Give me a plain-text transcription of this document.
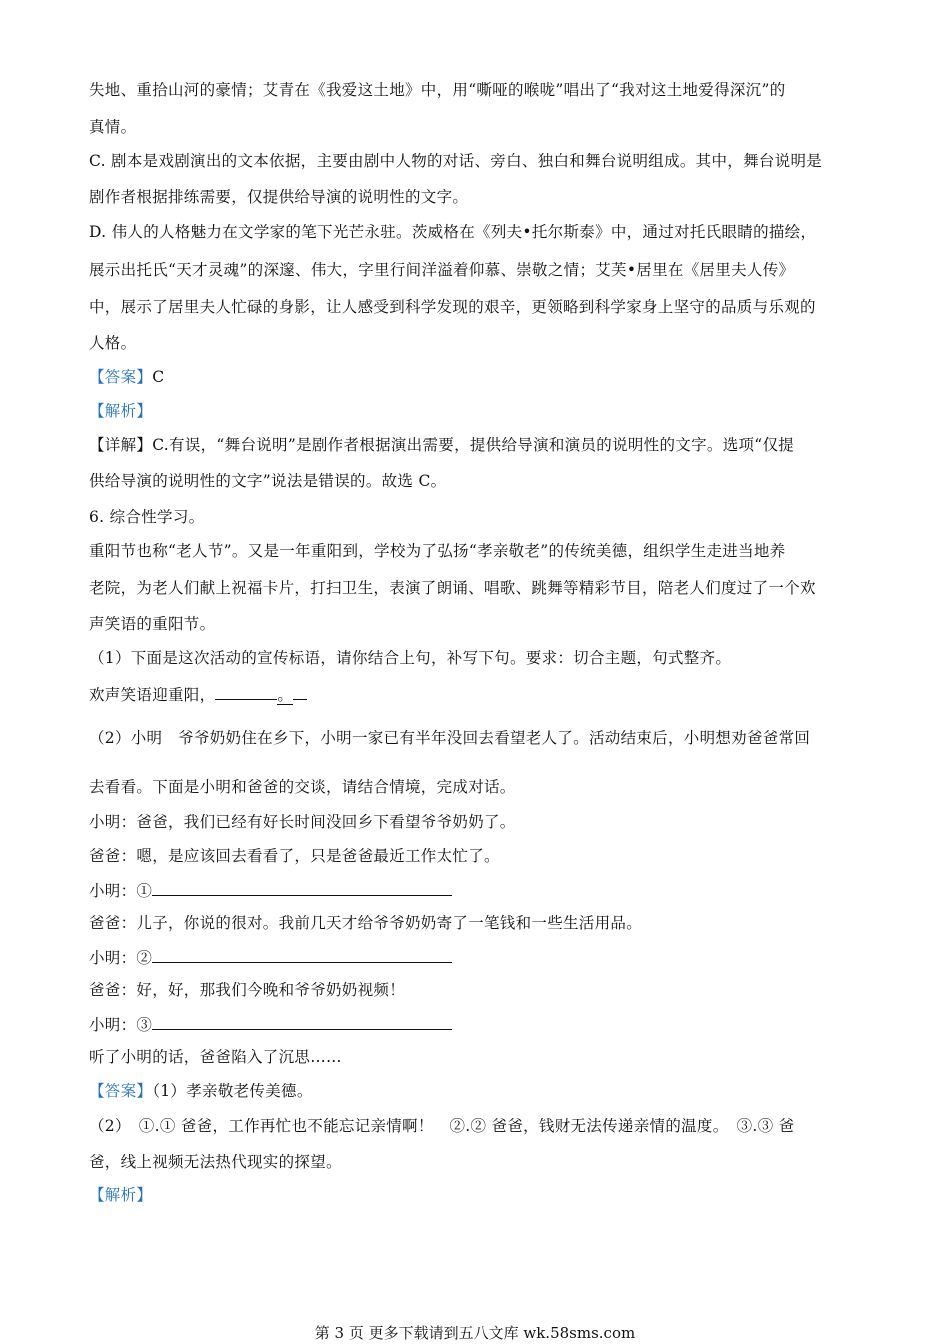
失地、重拾山河的豪情；艾青在《我爱这土地》中，用“嘶哑的喉咙”唱出了“我对这土地爱得深沉”的
真情。
C. 剧本是戏剧演出的文本依据，主要由剧中人物的对话、旁白、独白和舞台说明组成。其中，舞台说明是
剧作者根据排练需要，仅提供给导演的说明性的文字。
D. 伟人的人格魅力在文学家的笔下光芒永驻。茨威格在《列夫•托尔斯泰》中，通过对托氏眼睛的描绘，
展示出托氏“天才灵魂”的深邃、伟大，字里行间洋溢着仰慕、崇敬之情；艾芙•居里在《居里夫人传》
中，展示了居里夫人忙碌的身影，让人感受到科学发现的艰辛，更领略到科学家身上坚守的品质与乐观的
人格。
【答案】C
【解析】
【详解】C.有误，“舞台说明”是剧作者根据演出需要，提供给导演和演员的说明性的文字。选项“仅提
供给导演的说明性的文字”说法是错误的。故选 C。
6. 综合性学习。
重阳节也称“老人节”。又是一年重阳到，学校为了弘扬“孝亲敬老”的传统美德，组织学生走进当地养
老院，为老人们献上祝福卡片，打扫卫生，表演了朗诵、唱歌、跳舞等精彩节目，陪老人们度过了一个欢
声笑语的重阳节。
（1）下面是这次活动的宣传标语，请你结合上句，补写下句。要求：切合主题，句式整齐。
欢声笑语迎重阳，	。
（2）小明　爷爷奶奶住在乡下，小明一家已有半年没回去看望老人了。活动结束后，小明想劝爸爸常回
去看看。下面是小明和爸爸的交谈，请结合情境，完成对话。
小明：爸爸，我们已经有好长时间没回乡下看望爷爷奶奶了。
爸爸：嗯，是应该回去看看了，只是爸爸最近工作太忙了。
小明：①
爸爸：儿子，你说的很对。我前几天才给爷爷奶奶寄了一笔钱和一些生活用品。
小明：②
爸爸：好，好，那我们今晚和爷爷奶奶视频！
小明：③
听了小明的话，爸爸陷入了沉思……
【答案】（1）孝亲敬老传美德。
（2）　①.① 爸爸，工作再忙也不能忘记亲情啊！　②.② 爸爸，钱财无法传递亲情的温度。　③.③ 爸
爸，线上视频无法热代现实的探望。
【解析】
第 3 页 更多下载请到五八文库 wk.58sms.com
